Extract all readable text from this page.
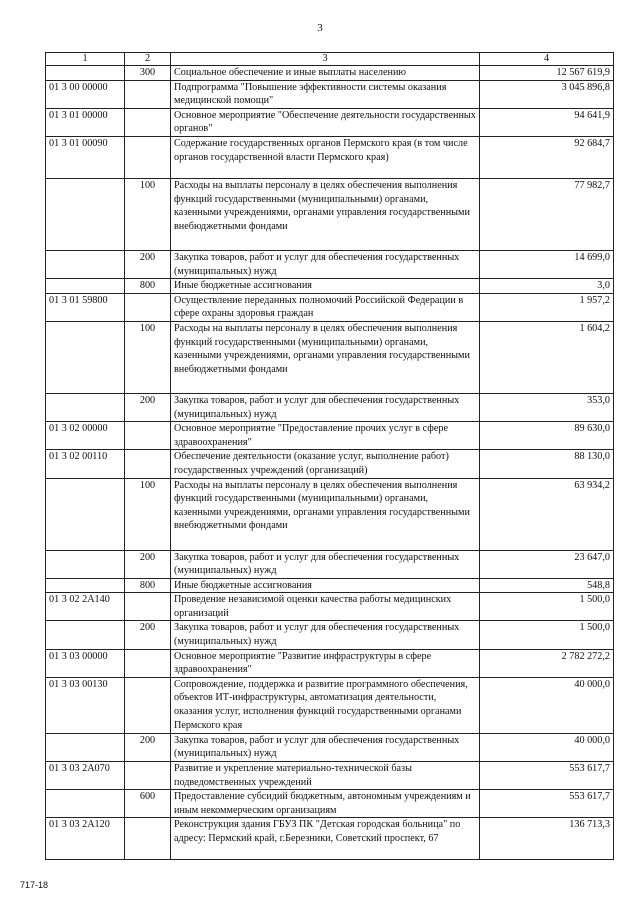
3
1	2	3	4
	300	Социальное обеспечение и иные выплаты населению	12 567 619,9
01 3 00 00000		Подпрограмма "Повышение эффективности системы оказания медицинской помощи"	3 045 896,8
01 3 01 00000		Основное мероприятие "Обеспечение деятельности государственных органов"	94 641,9
01 3 01 00090		Содержание государственных органов Пермского края (в том числе органов государственной власти Пермского края)	92 684,7
	100	Расходы на выплаты персоналу в целях обеспечения выполнения функций государственными (муниципальными) органами, казенными учреждениями, органами управления государственными внебюджетными фондами	77 982,7
	200	Закупка товаров, работ и услуг для обеспечения государственных (муниципальных) нужд	14 699,0
	800	Иные бюджетные ассигнования	3,0
01 3 01 59800		Осуществление переданных полномочий Российской Федерации в сфере охраны здоровья граждан	1 957,2
	100	Расходы на выплаты персоналу в целях обеспечения выполнения функций государственными (муниципальными) органами, казенными учреждениями, органами управления государственными внебюджетными фондами	1 604,2
	200	Закупка товаров, работ и услуг для обеспечения государственных (муниципальных) нужд	353,0
01 3 02 00000		Основное мероприятие "Предоставление прочих услуг в сфере здравоохранения"	89 630,0
01 3 02 00110		Обеспечение деятельности (оказание услуг, выполнение работ) государственных учреждений (организаций)	88 130,0
	100	Расходы на выплаты персоналу в целях обеспечения выполнения функций государственными (муниципальными) органами, казенными учреждениями, органами управления государственными внебюджетными фондами	63 934,2
	200	Закупка товаров, работ и услуг для обеспечения государственных (муниципальных) нужд	23 647,0
	800	Иные бюджетные ассигнования	548,8
01 3 02 2А140		Проведение независимой оценки качества работы медицинских организаций	1 500,0
	200	Закупка товаров, работ и услуг для обеспечения государственных (муниципальных) нужд	1 500,0
01 3 03 00000		Основное мероприятие "Развитие инфраструктуры в сфере здравоохранения"	2 782 272,2
01 3 03 00130		Сопровождение, поддержка и развитие программного обеспечения, объектов ИТ-инфраструктуры, автоматизация деятельности, оказания услуг, исполнения функций государственными органами Пермского края	40 000,0
	200	Закупка товаров, работ и услуг для обеспечения государственных (муниципальных) нужд	40 000,0
01 3 03 2А070		Развитие и укрепление материально-технической базы подведомственных учреждений	553 617,7
	600	Предоставление субсидий бюджетным, автономным учреждениям и иным некоммерческим организациям	553 617,7
01 3 03 2А120		Реконструкция здания ГБУЗ ПК "Детская городская больница" по адресу: Пермский край, г.Березники, Советский проспект, 67	136 713,3
717-18
